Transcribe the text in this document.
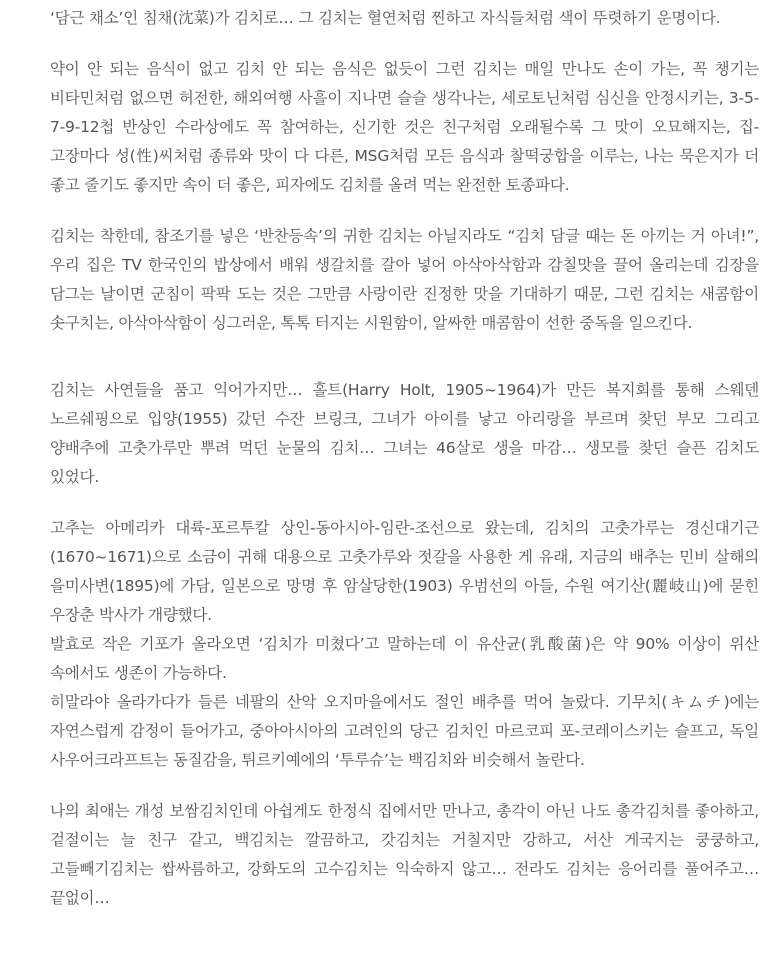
‘담근 채소’인 침채(沈菜)가 김치로… 그 김치는 혈연처럼 찐하고 자식들처럼 색이 뚜렷하기 운명이다.

약이 안 되는 음식이 없고 김치 안 되는 음식은 없듯이 그런 김치는 매일 만나도 손이 가는, 꼭 챙기는 비타민처럼 없으면 허전한, 해외여행 사흘이 지나면 슬슬 생각나는, 세로토닌처럼 심신을 안정시키는, 3-5-7-9-12첩 반상인 수라상에도 꼭 참여하는, 신기한 것은 친구처럼 오래될수록 그 맛이 오묘해지는, 집-고장마다 성(性)씨처럼 종류와 맛이 다 다른, MSG처럼 모든 음식과 찰떡궁합을 이루는, 나는 묵은지가 더 좋고 줄기도 좋지만 속이 더 좋은, 피자에도 김치를 올려 먹는 완전한 토종파다.

김치는 착한데, 참조기를 넣은 ‘반찬등속’의 귀한 김치는 아닐지라도 “김치 담글 때는 돈 아끼는 거 아녀!”, 우리 집은 TV 한국인의 밥상에서 배워 생갈치를 갈아 넣어 아삭아삭함과 감칠맛을 끌어 올리는데 김장을 담그는 날이면 군침이 팍팍 도는 것은 그만큼 사랑이란 진정한 맛을 기대하기 때문, 그런 김치는 새콤함이 솟구치는, 아삭아삭함이 싱그러운, 톡톡 터지는 시원함이, 알싸한 매콤함이 선한 중독을 일으킨다.

김치는 사연들을 품고 익어가지만… 홀트(Harry Holt, 1905~1964)가 만든 복지회를 통해 스웨덴 노르쉐핑으로 입양(1955) 갔던 수잔 브링크, 그녀가 아이를 낳고 아리랑을 부르며 찾던 부모 그리고 양배추에 고춧가루만 뿌려 먹던 눈물의 김치… 그녀는 46살로 생을 마감… 생모를 찾던 슬픈 김치도 있었다.

고추는 아메리카 대륙-포르투칼 상인-동아시아-임란-조선으로 왔는데, 김치의 고춧가루는 경신대기근(1670~1671)으로 소금이 귀해 대용으로 고춧가루와 젓갈을 사용한 게 유래, 지금의 배추는 민비 살해의 을미사변(1895)에 가담, 일본으로 망명 후 암살당한(1903) 우범선의 아들, 수원 여기산(麗岐山)에 묻힌 우장춘 박사가 개량했다.

발효로 작은 기포가 올라오면 ‘김치가 미쳤다’고 말하는데 이 유산균(乳酸菌)은 약 90% 이상이 위산 속에서도 생존이 가능하다.

히말라야 올라가다가 들른 네팔의 산악 오지마을에서도 절인 배추를 먹어 놀랐다. 기무치(キムチ)에는 자연스럽게 감정이 들어가고, 중아아시아의 고려인의 당근 김치인 마르코피 포-코레이스키는 슬프고, 독일 사우어크라프트는 동질감을, 튀르키예에의 ‘투루슈’는 백김치와 비슷해서 놀란다.

나의 최애는 개성 보쌈김치인데 아쉽게도 한정식 집에서만 만나고, 총각이 아닌 나도 총각김치를 좋아하고, 겉절이는 늘 친구 같고, 백김치는 깔끔하고, 갓김치는 거칠지만 강하고, 서산 게국지는 쿵쿵하고, 고들빼기김치는 쌉싸름하고, 강화도의 고수김치는 익숙하지 않고… 전라도 김치는 응어리를 풀어주고… 끝없이…
